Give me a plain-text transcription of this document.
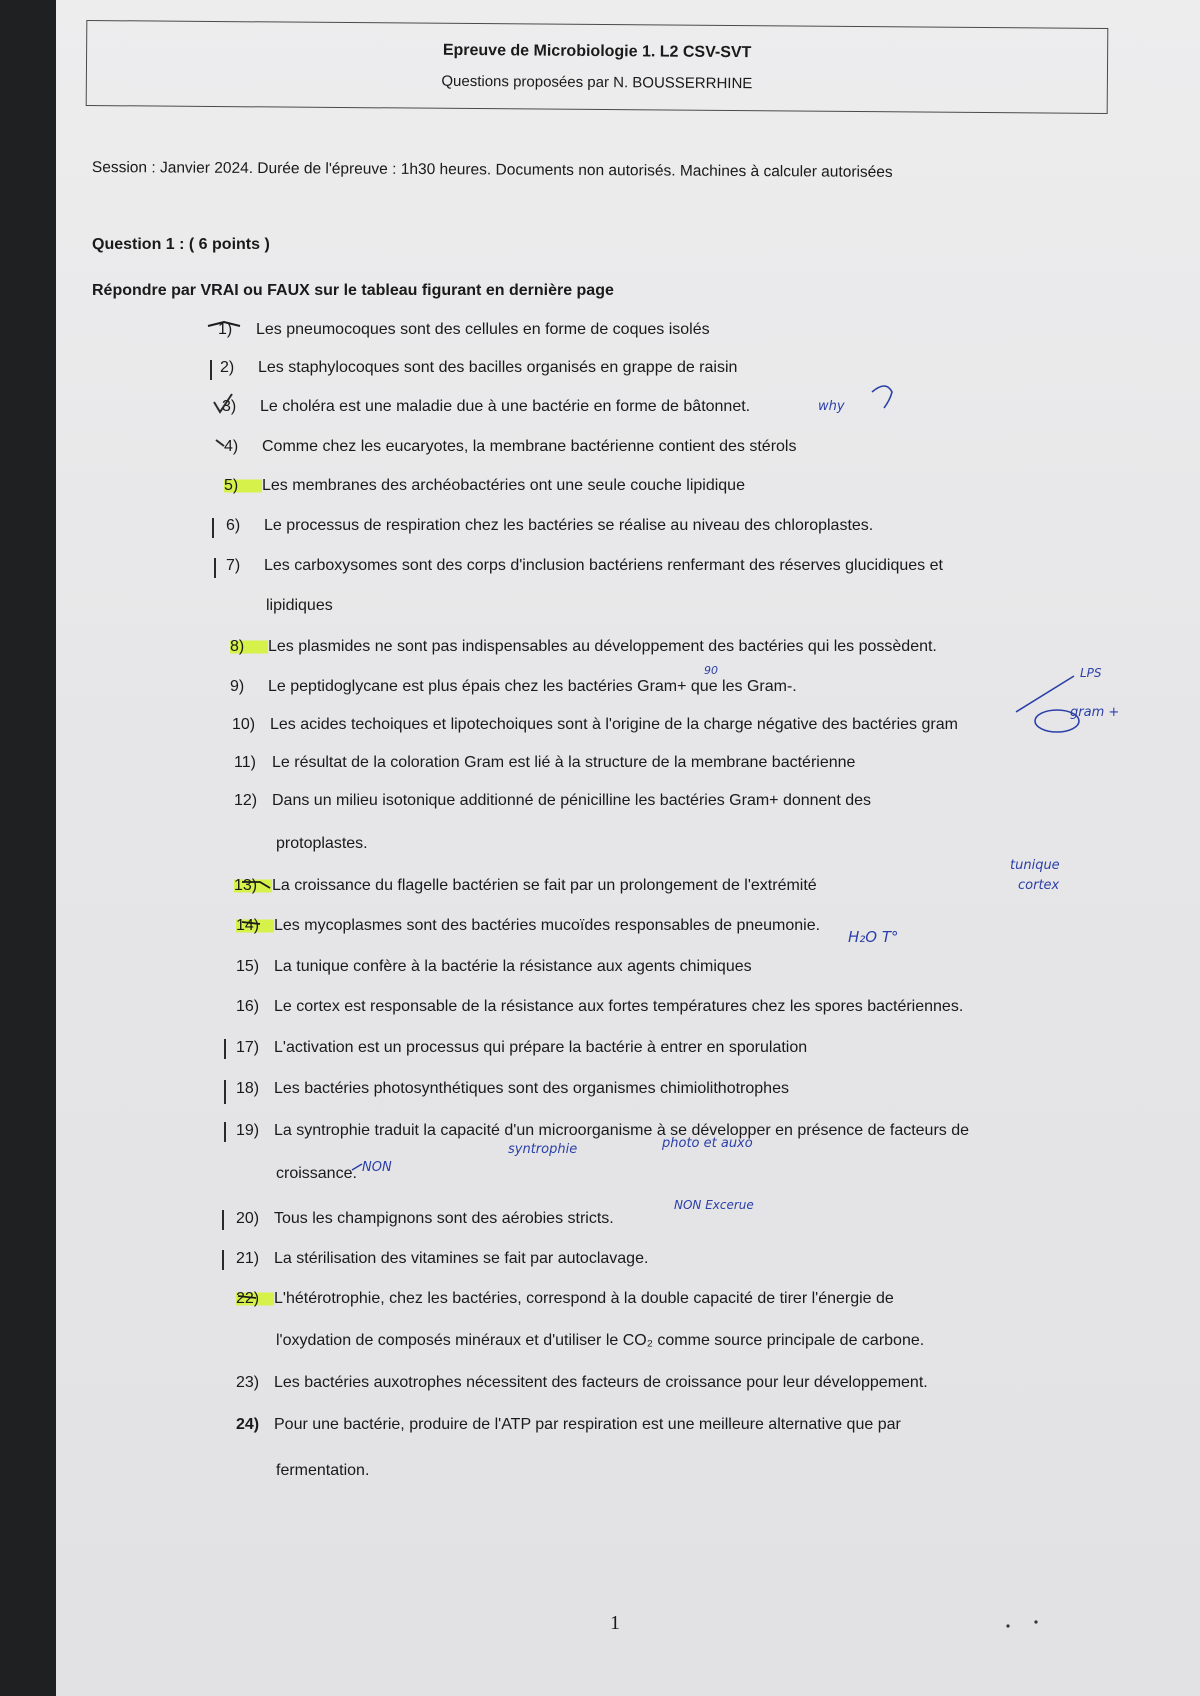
Epreuve de Microbiologie 1. L2 CSV-SVT
Questions proposées par N. BOUSSERRHINE
Session : Janvier 2024. Durée de l'épreuve : 1h30 heures. Documents non autorisés. Machines à calculer autorisées
Question 1 : ( 6 points )
Répondre par VRAI ou FAUX sur le tableau figurant en dernière page
1) Les pneumocoques sont des cellules en forme de coques isolés
2) Les staphylocoques sont des bacilles organisés en grappe de raisin
3) Le choléra est une maladie due à une bactérie en forme de bâtonnet.
4) Comme chez les eucaryotes, la membrane bactérienne contient des stérols
5) Les membranes des archéobactéries ont une seule couche lipidique
6) Le processus de respiration chez les bactéries se réalise au niveau des chloroplastes.
7) Les carboxysomes sont des corps d'inclusion bactériens renfermant des réserves glucidiques et
lipidiques
8) Les plasmides ne sont pas indispensables au développement des bactéries qui les possèdent.
9) Le peptidoglycane est plus épais chez les bactéries Gram+ que les Gram-.
10) Les acides techoiques et lipotechoiques sont à l'origine de la charge négative des bactéries gram
11) Le résultat de la coloration Gram est lié à la structure de la membrane bactérienne
12) Dans un milieu isotonique additionné de pénicilline les bactéries Gram+ donnent des
protoplastes.
13) La croissance du flagelle bactérien se fait par un prolongement de l'extrémité
14) Les mycoplasmes sont des bactéries mucoïdes responsables de pneumonie.
15) La tunique confère à la bactérie la résistance aux agents chimiques
16) Le cortex est responsable de la résistance aux fortes températures chez les spores bactériennes.
17) L'activation est un processus qui prépare la bactérie à entrer en sporulation
18) Les bactéries photosynthétiques sont des organismes chimiolithotrophes
19) La syntrophie traduit la capacité d'un microorganisme à se développer en présence de facteurs de
croissance.
20) Tous les champignons sont des aérobies stricts.
21) La stérilisation des vitamines se fait par autoclavage.
22) L'hétérotrophie, chez les bactéries, correspond à la double capacité de tirer l'énergie de
l'oxydation de composés minéraux et d'utiliser le CO₂ comme source principale de carbone.
23) Les bactéries auxotrophes nécessitent des facteurs de croissance pour leur développement.
24) Pour une bactérie, produire de l'ATP par respiration est une meilleure alternative que par
fermentation.
why
90	LPS
gram +
tunique
cortex
H₂O T°
NON
syntrophie	photo et auxo
NON Excerue
1
